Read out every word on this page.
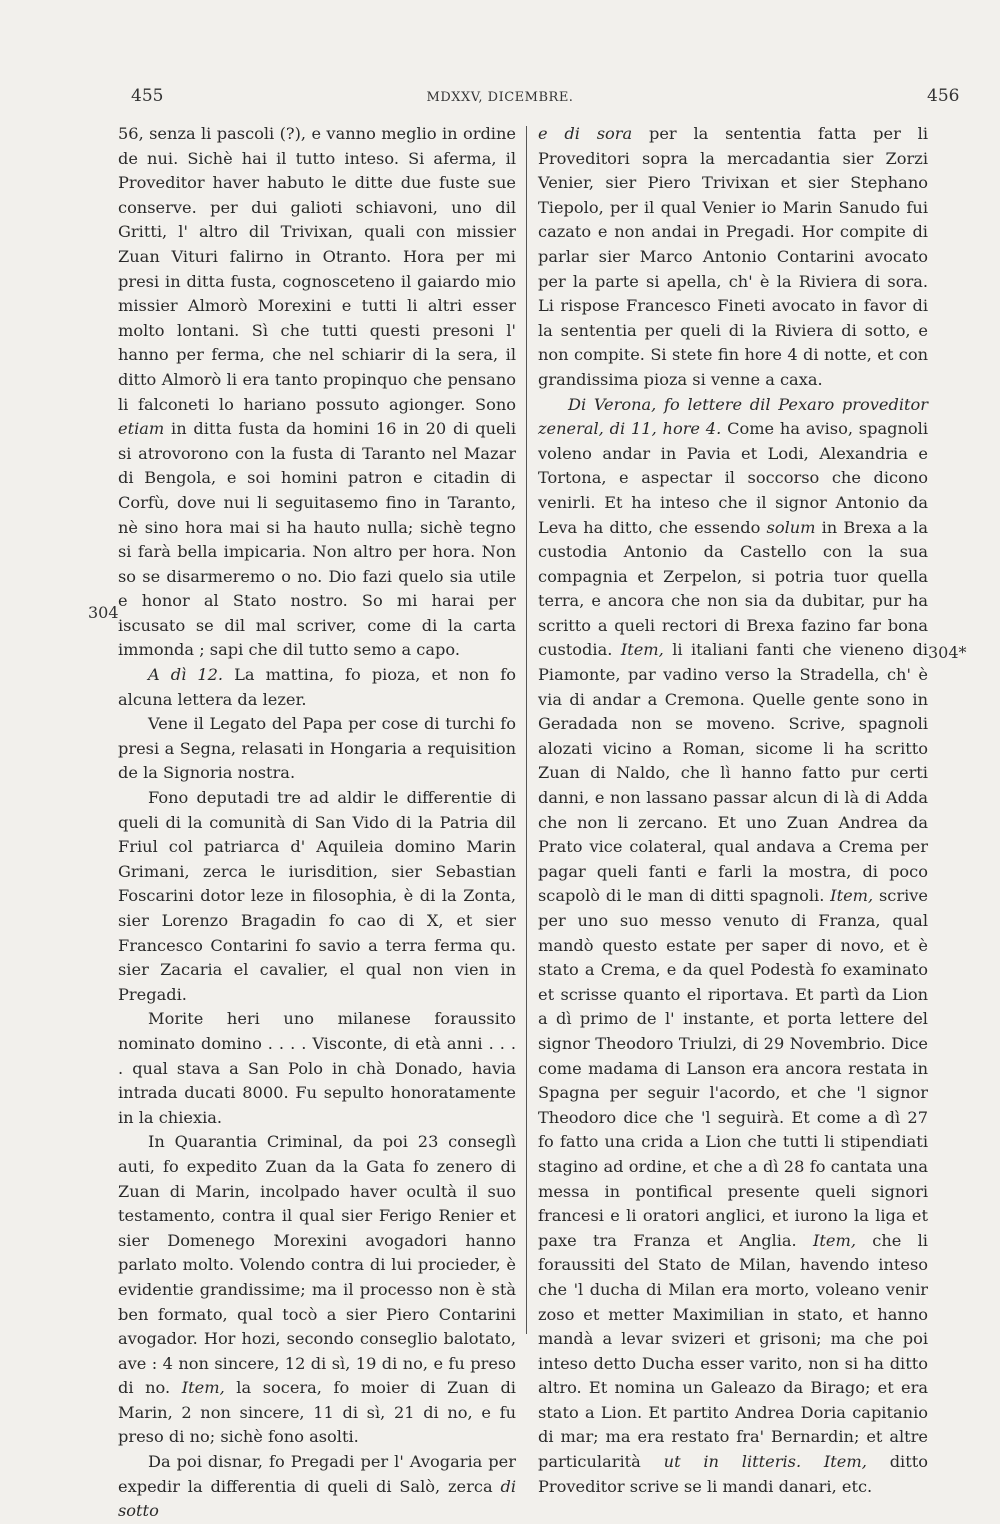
455	MDXXV, DICEMBRE.	456
304
304*

56, senza li pascoli (?), e vanno meglio in ordine de nui. Sichè hai il tutto inteso. Si aferma, il Proveditor haver habuto le ditte due fuste sue conserve. per dui galioti schiavoni, uno dil Gritti, l' altro dil Trivixan, quali con missier Zuan Vituri falirno in Otranto. Hora per mi presi in ditta fusta, cognosceteno il gaiardo mio missier Almorò Morexini e tutti li altri esser molto lontani. Sì che tutti questi presoni l' hanno per ferma, che nel schiarir di la sera, il ditto Almorò li era tanto propinquo che pensano li falconeti lo hariano possuto agionger. Sono etiam in ditta fusta da homini 16 in 20 di queli si atrovorono con la fusta di Taranto nel Mazar di Bengola, e soi homini patron e citadin di Corfù, dove nui li seguitasemo fino in Taranto, nè sino hora mai si ha hauto nulla; sichè tegno si farà bella impicaria. Non altro per hora. Non so se disarmeremo o no. Dio fazi quelo sia utile e honor al Stato nostro. So mi harai per iscusato se dil mal scriver, come di la carta immonda ; sapi che dil tutto semo a capo.

A dì 12. La mattina, fo pioza, et non fo alcuna lettera da lezer.

Vene il Legato del Papa per cose di turchi fo presi a Segna, relasati in Hongaria a requisition de la Signoria nostra.

Fono deputadi tre ad aldir le differentie di queli di la comunità di San Vido di la Patria dil Friul col patriarca d' Aquileia domino Marin Grimani, zerca le iurisdition, sier Sebastian Foscarini dotor leze in filosophia, è di la Zonta, sier Lorenzo Bragadin fo cao di X, et sier Francesco Contarini fo savio a terra ferma qu. sier Zacaria el cavalier, el qual non vien in Pregadi.

Morite heri uno milanese foraussito nominato domino . . . . Visconte, di età anni . . . . qual stava a San Polo in chà Donado, havia intrada ducati 8000. Fu sepulto honoratamente in la chiexia.

In Quarantia Criminal, da poi 23 conseglì auti, fo expedito Zuan da la Gata fo zenero di Zuan di Marin, incolpado haver ocultà il suo testamento, contra il qual sier Ferigo Renier et sier Domenego Morexini avogadori hanno parlato molto. Volendo contra di lui procieder, è evidentie grandissime; ma il processo non è stà ben formato, qual tocò a sier Piero Contarini avogador. Hor hozi, secondo conseglio balotato, ave : 4 non sincere, 12 di sì, 19 di no, e fu preso di no. Item, la socera, fo moier di Zuan di Marin, 2 non sincere, 11 di sì, 21 di no, e fu preso di no; sichè fono asolti.

Da poi disnar, fo Pregadi per l' Avogaria per expedir la differentia di queli di Salò, zerca di sotto

e di sora per la sententia fatta per li Proveditori sopra la mercadantia sier Zorzi Venier, sier Piero Trivixan et sier Stephano Tiepolo, per il qual Venier io Marin Sanudo fui cazato e non andai in Pregadi. Hor compite di parlar sier Marco Antonio Contarini avocato per la parte si apella, ch' è la Riviera di sora. Li rispose Francesco Fineti avocato in favor di la sententia per queli di la Riviera di sotto, e non compite. Si stete fin hore 4 di notte, et con grandissima pioza si venne a caxa.

Di Verona, fo lettere dil Pexaro proveditor zeneral, di 11, hore 4. Come ha aviso, spagnoli voleno andar in Pavia et Lodi, Alexandria e Tortona, e aspectar il soccorso che dicono venirli. Et ha inteso che il signor Antonio da Leva ha ditto, che essendo solum in Brexa a la custodia Antonio da Castello con la sua compagnia et Zerpelon, si potria tuor quella terra, e ancora che non sia da dubitar, pur ha scritto a queli rectori di Brexa fazino far bona custodia. Item, li italiani fanti che vieneno di Piamonte, par vadino verso la Stradella, ch' è via di andar a Cremona. Quelle gente sono in Geradada non se moveno. Scrive, spagnoli alozati vicino a Roman, sicome li ha scritto Zuan di Naldo, che lì hanno fatto pur certi danni, e non lassano passar alcun di là di Adda che non li zercano. Et uno Zuan Andrea da Prato vice colateral, qual andava a Crema per pagar queli fanti e farli la mostra, di poco scapolò di le man di ditti spagnoli. Item, scrive per uno suo messo venuto di Franza, qual mandò questo estate per saper di novo, et è stato a Crema, e da quel Podestà fo examinato et scrisse quanto el riportava. Et partì da Lion a dì primo de l' instante, et porta lettere del signor Theodoro Triulzi, di 29 Novembrio. Dice come madama di Lanson era ancora restata in Spagna per seguir l'acordo, et che 'l signor Theodoro dice che 'l seguirà. Et come a dì 27 fo fatto una crida a Lion che tutti li stipendiati stagino ad ordine, et che a dì 28 fo cantata una messa in pontifical presente queli signori francesi e li oratori anglici, et iurono la liga et paxe tra Franza et Anglia. Item, che li foraussiti del Stato de Milan, havendo inteso che 'l ducha di Milan era morto, voleano venir zoso et metter Maximilian in stato, et hanno mandà a levar svizeri et grisoni; ma che poi inteso detto Ducha esser varito, non si ha ditto altro. Et nomina un Galeazo da Birago; et era stato a Lion. Et partito Andrea Doria capitanio di mar; ma era restato fra' Bernardin; et altre particularità ut in litteris. Item, ditto Proveditor scrive se li mandi danari, etc.
